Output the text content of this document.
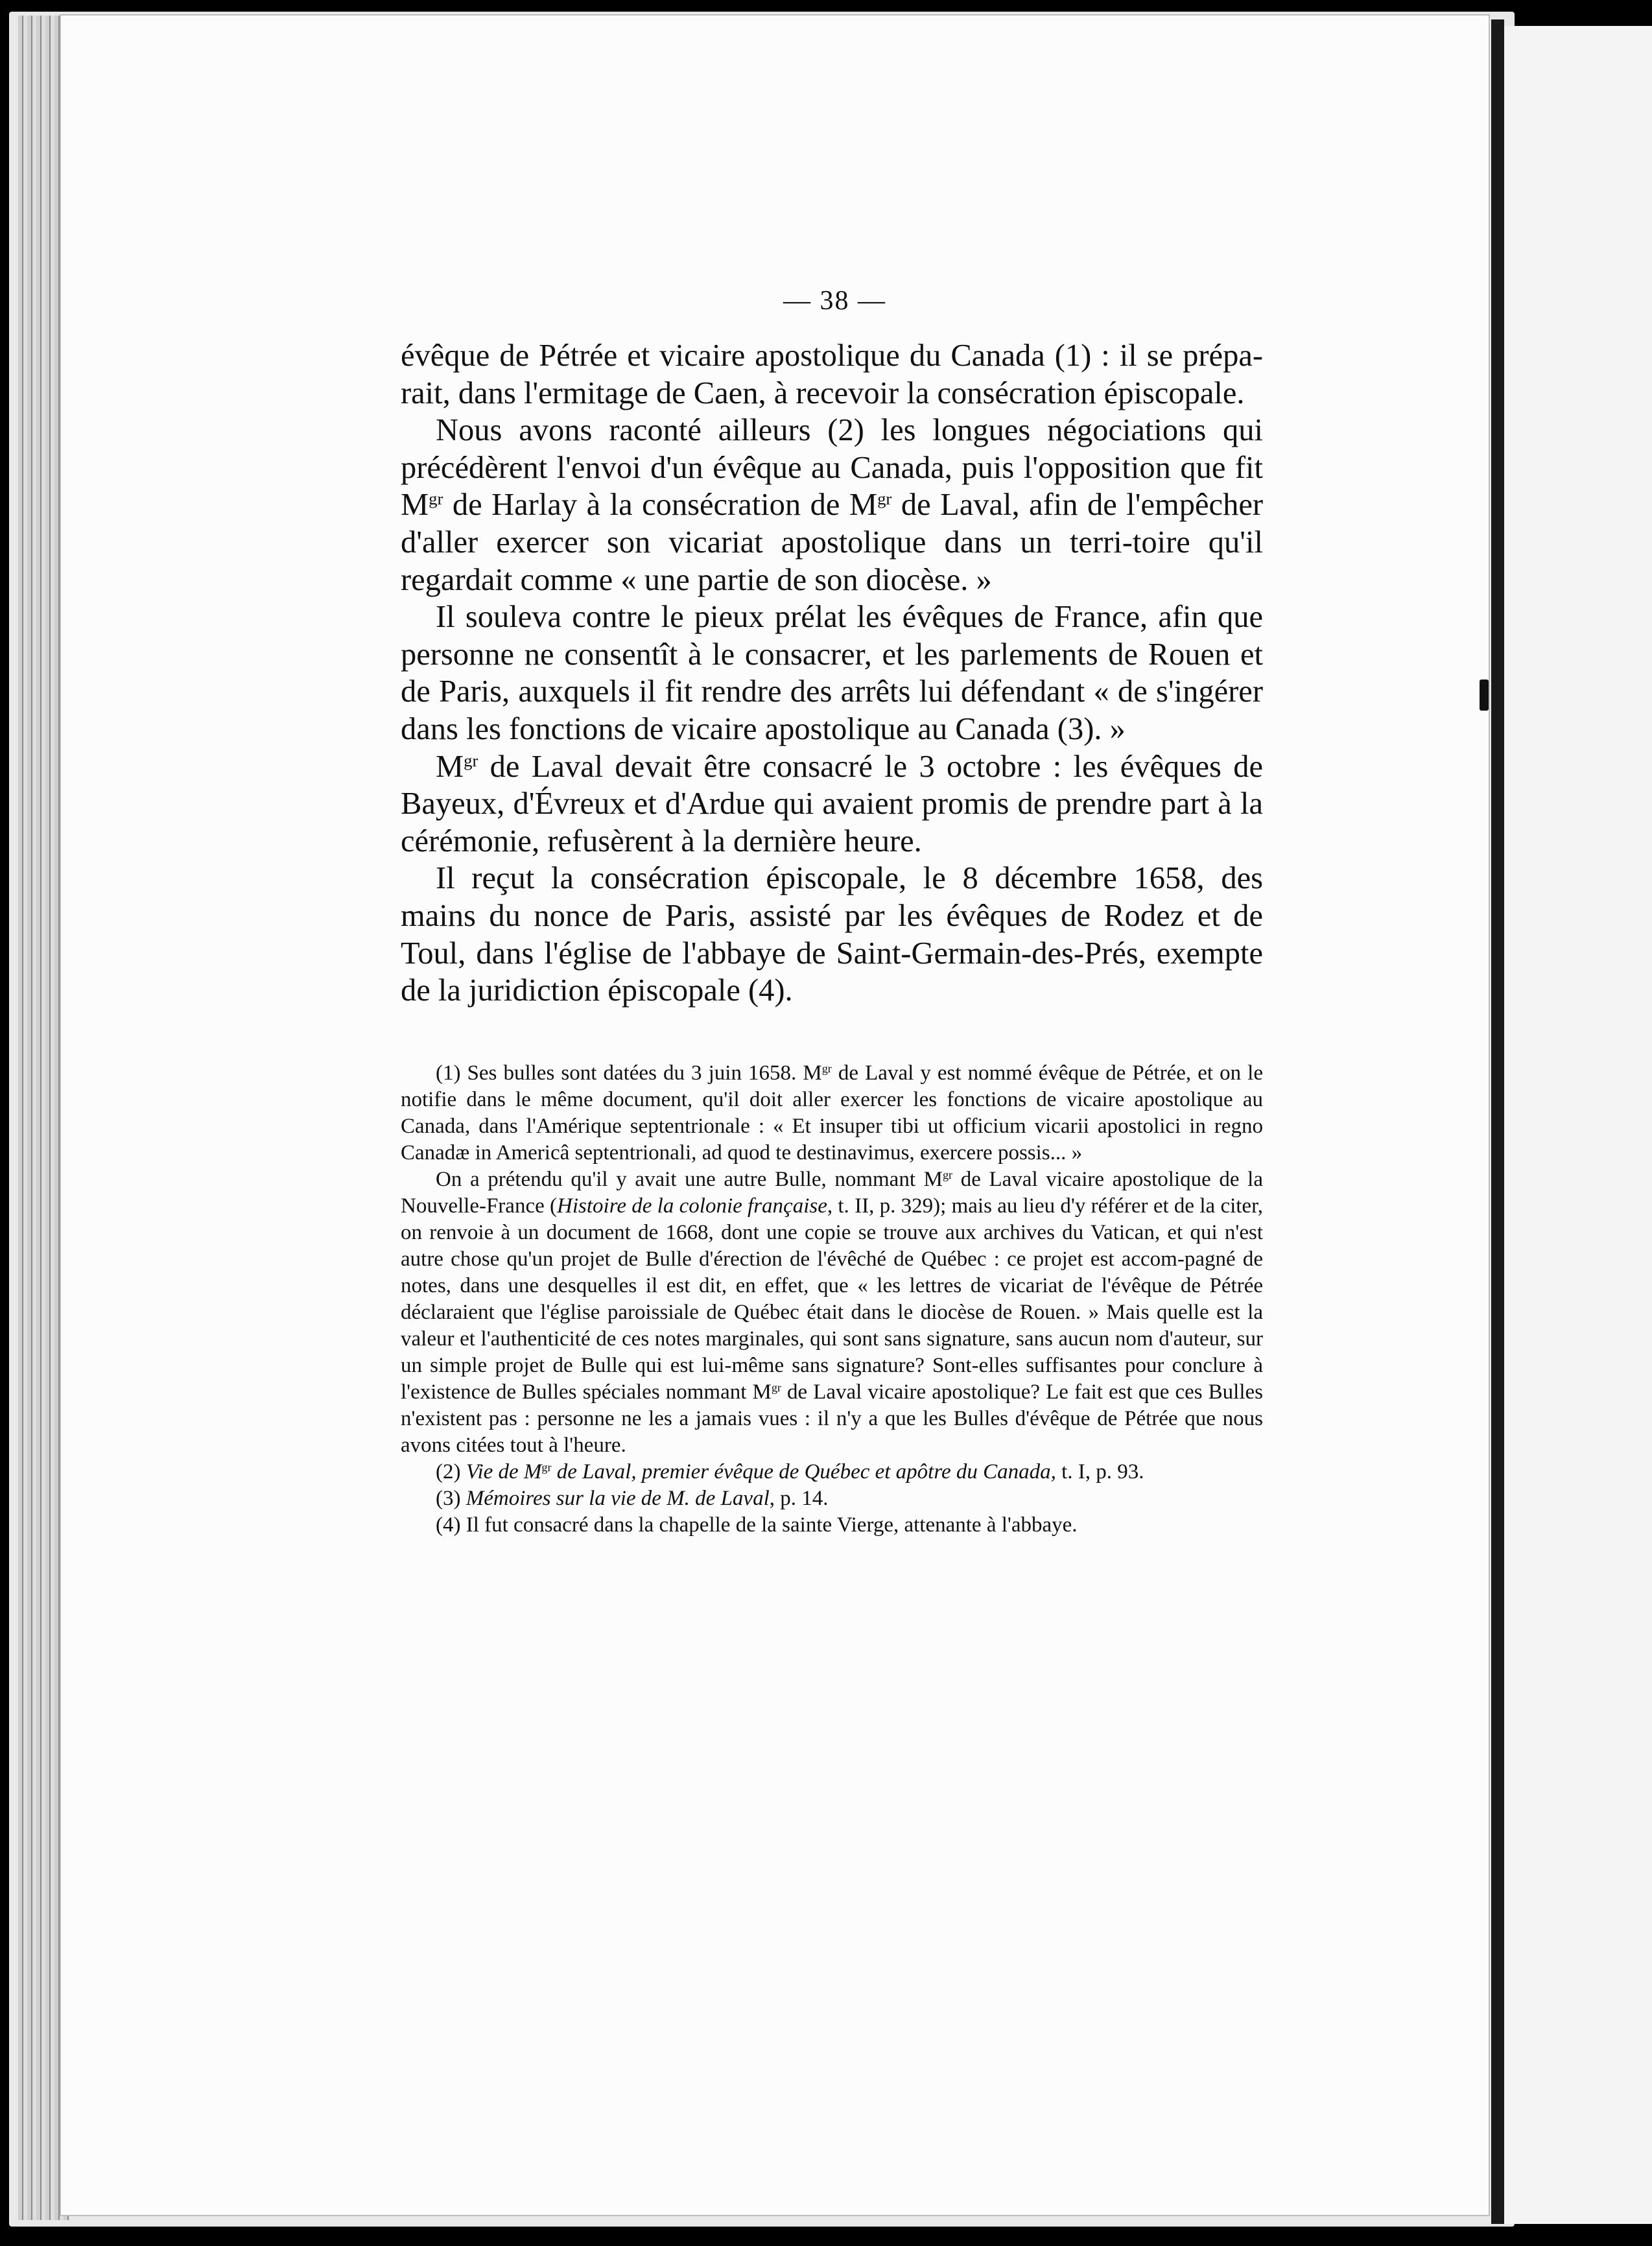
— 38 —

évêque de Pétrée et vicaire apostolique du Canada (1) : il se prépa-rait, dans l'ermitage de Caen, à recevoir la consécration épiscopale.

Nous avons raconté ailleurs (2) les longues négociations qui précédèrent l'envoi d'un évêque au Canada, puis l'opposition que fit $M^{gr}$ de Harlay à la consécration de $M^{gr}$ de Laval, afin de l'empêcher d'aller exercer son vicariat apostolique dans un terri-toire qu'il regardait comme « une partie de son diocèse. »

Il souleva contre le pieux prélat les évêques de France, afin que personne ne consentît à le consacrer, et les parlements de Rouen et de Paris, auxquels il fit rendre des arrêts lui défendant « de s'ingérer dans les fonctions de vicaire apostolique au Canada (3). »

$M^{gr}$ de Laval devait être consacré le 3 octobre : les évêques de Bayeux, d'Évreux et d'Ardue qui avaient promis de prendre part à la cérémonie, refusèrent à la dernière heure.

Il reçut la consécration épiscopale, le 8 décembre 1658, des mains du nonce de Paris, assisté par les évêques de Rodez et de Toul, dans l'église de l'abbaye de Saint-Germain-des-Prés, exempte de la juridiction épiscopale (4).

(1) Ses bulles sont datées du 3 juin 1658. $M^{gr}$ de Laval y est nommé évêque de Pétrée, et on le notifie dans le même document, qu'il doit aller exercer les fonctions de vicaire apostolique au Canada, dans l'Amérique septentrionale : « Et insuper tibi ut officium vicarii apostolici in regno Canadæ in Americâ septentrionali, ad quod te destinavimus, exercere possis... »

On a prétendu qu'il y avait une autre Bulle, nommant $M^{gr}$ de Laval vicaire apostolique de la Nouvelle-France (Histoire de la colonie française, t. II, p. 329); mais au lieu d'y référer et de la citer, on renvoie à un document de 1668, dont une copie se trouve aux archives du Vatican, et qui n'est autre chose qu'un projet de Bulle d'érection de l'évêché de Québec : ce projet est accom-pagné de notes, dans une desquelles il est dit, en effet, que « les lettres de vicariat de l'évêque de Pétrée déclaraient que l'église paroissiale de Québec était dans le diocèse de Rouen. » Mais quelle est la valeur et l'authenticité de ces notes marginales, qui sont sans signature, sans aucun nom d'auteur, sur un simple projet de Bulle qui est lui-même sans signature? Sont-elles suffisantes pour conclure à l'existence de Bulles spéciales nommant $M^{gr}$ de Laval vicaire apostolique? Le fait est que ces Bulles n'existent pas : personne ne les a jamais vues : il n'y a que les Bulles d'évêque de Pétrée que nous avons citées tout à l'heure.

(2) Vie de $M^{gr}$ de Laval, premier évêque de Québec et apôtre du Canada, t. I, p. 93.

(3) Mémoires sur la vie de M. de Laval, p. 14.

(4) Il fut consacré dans la chapelle de la sainte Vierge, attenante à l'abbaye.
